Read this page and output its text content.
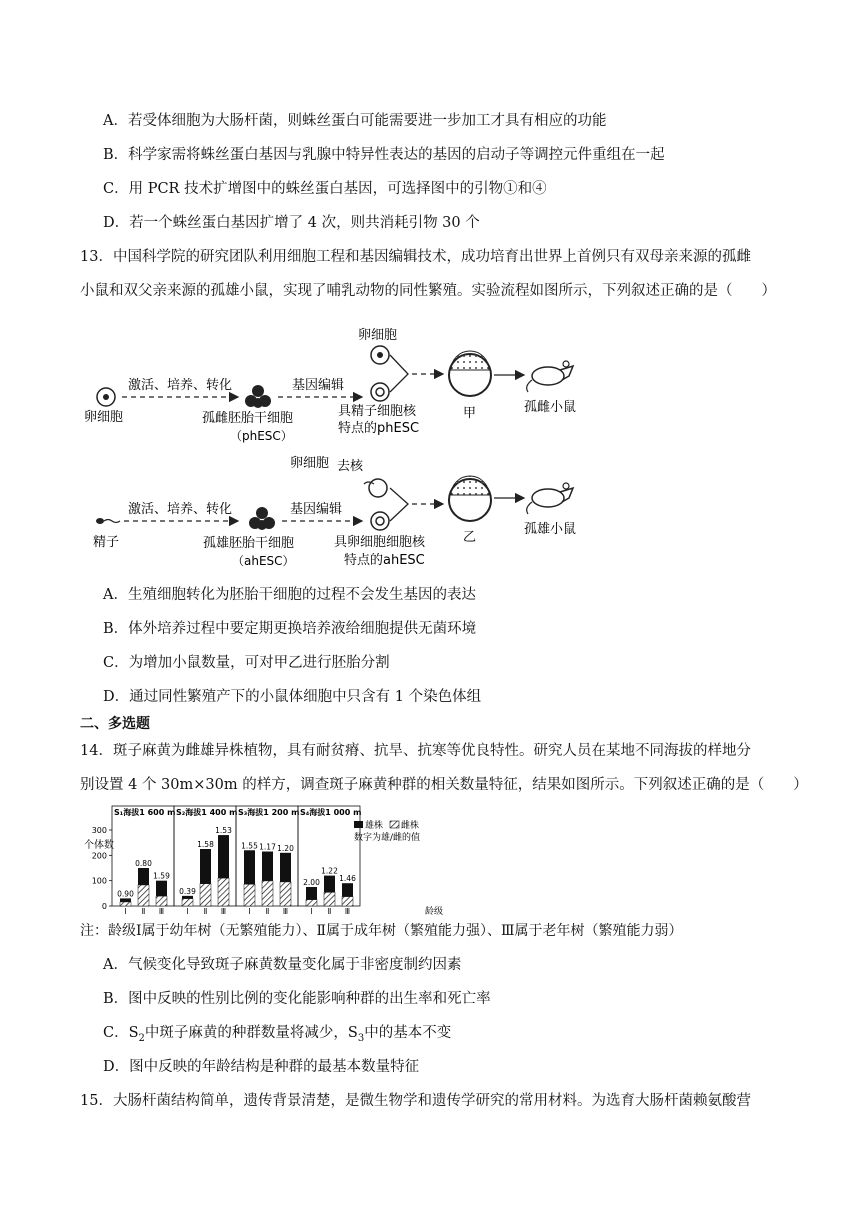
A．若受体细胞为大肠杆菌，则蛛丝蛋白可能需要进一步加工才具有相应的功能
B．科学家需将蛛丝蛋白基因与乳腺中特异性表达的基因的启动子等调控元件重组在一起
C．用 PCR 技术扩增图中的蛛丝蛋白基因，可选择图中的引物①和④
D．若一个蛛丝蛋白基因扩增了 4 次，则共消耗引物 30 个
13．中国科学院的研究团队利用细胞工程和基因编辑技术，成功培育出世界上首例只有双母亲来源的孤雌
小鼠和双父亲来源的孤雄小鼠，实现了哺乳动物的同性繁殖。实验流程如图所示，下列叙述正确的是（　　）
卵细胞
激活、培养、转化
孤雌胚胎干细胞
（phESC）
基因编辑
卵细胞
具精子细胞核
特点的phESC
甲	孤雌小鼠
精子
激活、培养、转化
孤雄胚胎干细胞
（ahESC）
基因编辑
卵细胞 去核
具卵细胞细胞核
特点的ahESC
乙
孤雄小鼠
A．生殖细胞转化为胚胎干细胞的过程不会发生基因的表达
B．体外培养过程中要定期更换培养液给细胞提供无菌环境
C．为增加小鼠数量，可对甲乙进行胚胎分割
D．通过同性繁殖产下的小鼠体细胞中只含有 1 个染色体组
二、多选题
14．斑子麻黄为雌雄异株植物，具有耐贫瘠、抗旱、抗寒等优良特性。研究人员在某地不同海拔的样地分
别设置 4 个 30m×30m 的样方，调查斑子麻黄种群的相关数量特征，结果如图所示。下列叙述正确的是（　　）
个体数
0
100
200
300
S₁海拔1 600 m
0.90
Ⅰ
0.80
Ⅱ
1.59
Ⅲ
S₂海拔1 400 m
0.39
Ⅰ
1.58
Ⅱ
1.53
Ⅲ
S₃海拔1 200 m
1.55
Ⅰ
1.17
Ⅱ
1.20
Ⅲ
S₄海拔1 000 m
2.00
Ⅰ
1.22
Ⅱ
1.46
Ⅲ
雄株 雌株
数字为雄/雌的值
龄级
注：龄级Ⅰ属于幼年树（无繁殖能力）、Ⅱ属于成年树（繁殖能力强）、Ⅲ属于老年树（繁殖能力弱）
A．气候变化导致斑子麻黄数量变化属于非密度制约因素
B．图中反映的性别比例的变化能影响种群的出生率和死亡率
C．$S_2$中斑子麻黄的种群数量将减少，$S_3$中的基本不变
D．图中反映的年龄结构是种群的最基本数量特征
15．大肠杆菌结构简单，遗传背景清楚，是微生物学和遗传学研究的常用材料。为选育大肠杆菌赖氨酸营
